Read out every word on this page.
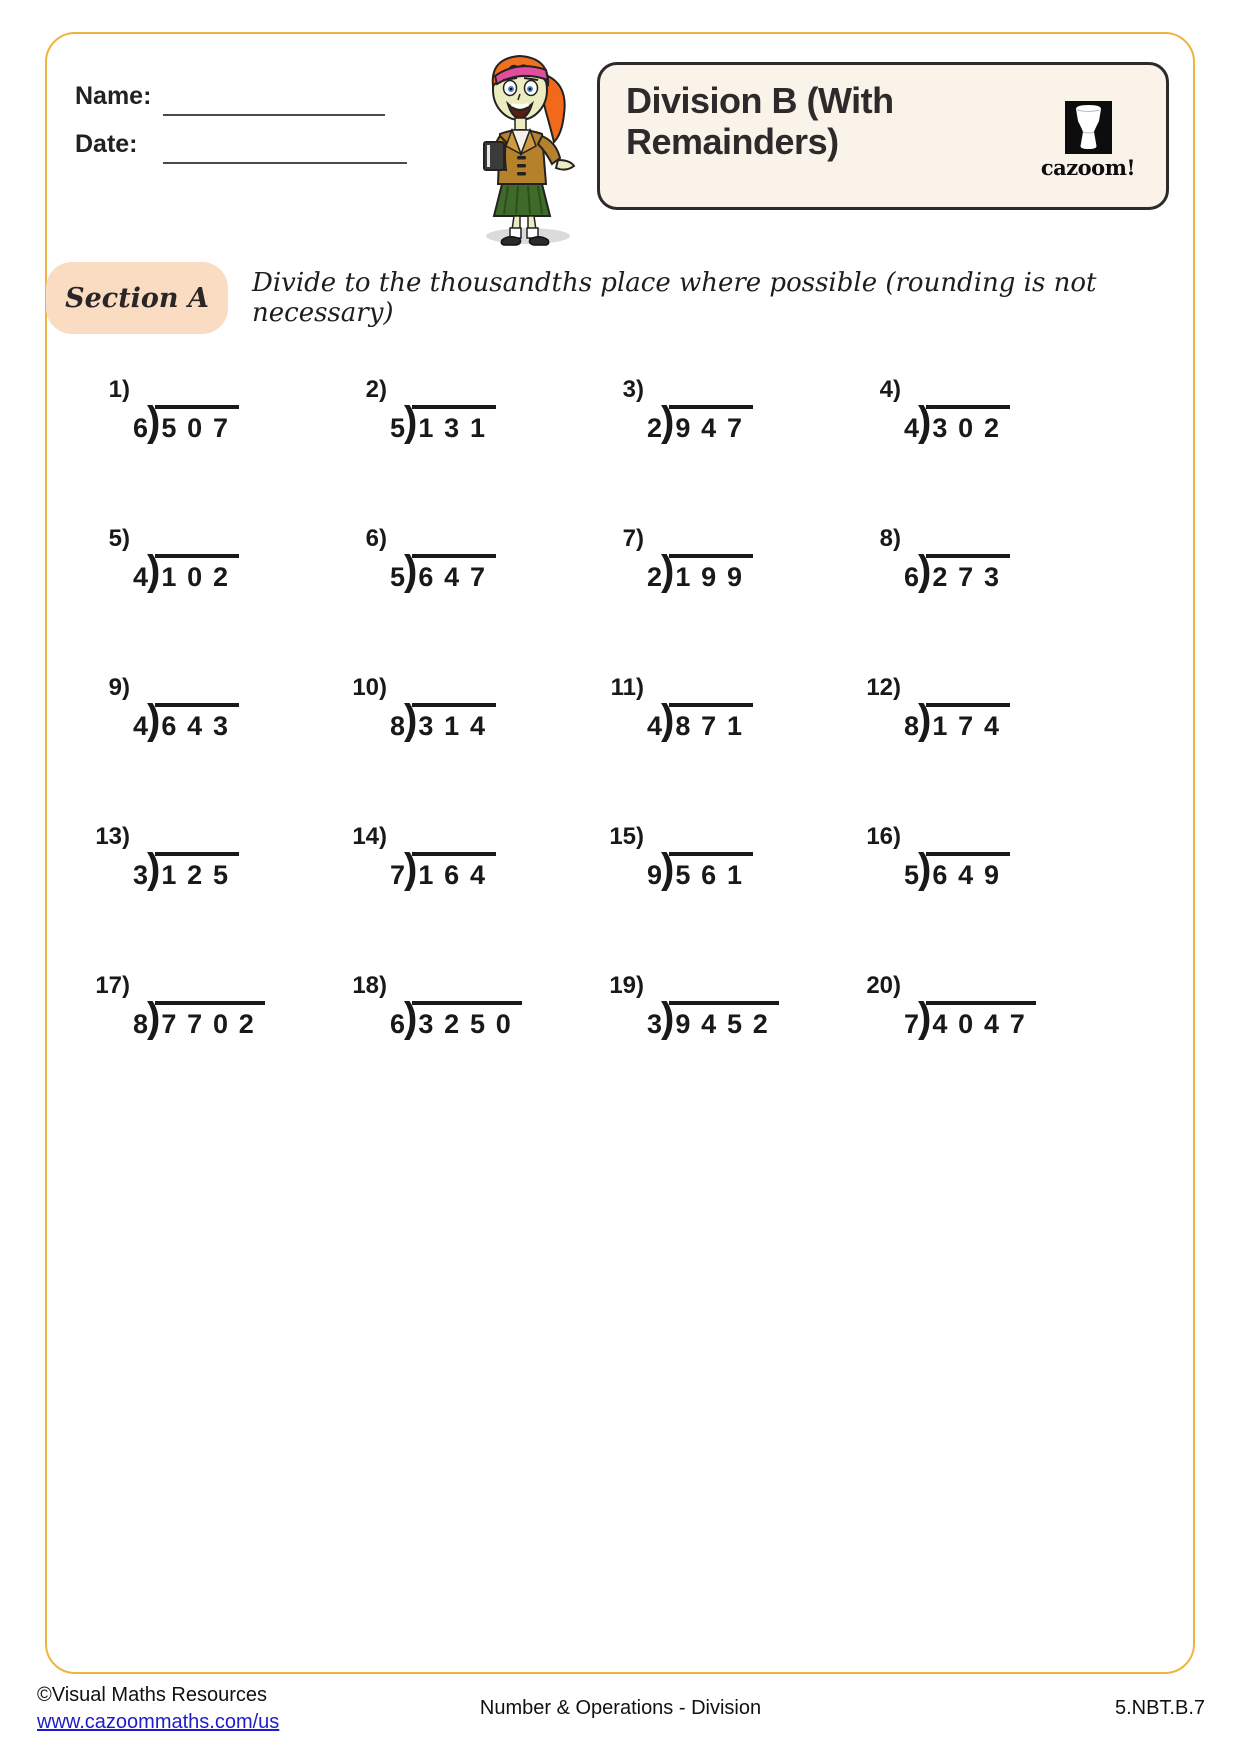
Name:
Date:
Division B (With Remainders)
cazoom!
Section A Divide to the thousandths place where possible (rounding is not necessary)
1)
6 ) 507
2)
5 ) 131
3)
2 ) 947
4)
4 ) 302
5)
4 ) 102
6)
5 ) 647
7)
2 ) 199
8)
6 ) 273
9)
4 ) 643
10)
8 ) 314
11)
4 ) 871
12)
8 ) 174
13)
3 ) 125
14)
7 ) 164
15)
9 ) 561
16)
5 ) 649
17)
8 ) 7702
18)
6 ) 3250
19)
3 ) 9452
20)
7 ) 4047
©Visual Maths Resources
www.cazoommaths.com/us
Number & Operations - Division	5.NBT.B.7
